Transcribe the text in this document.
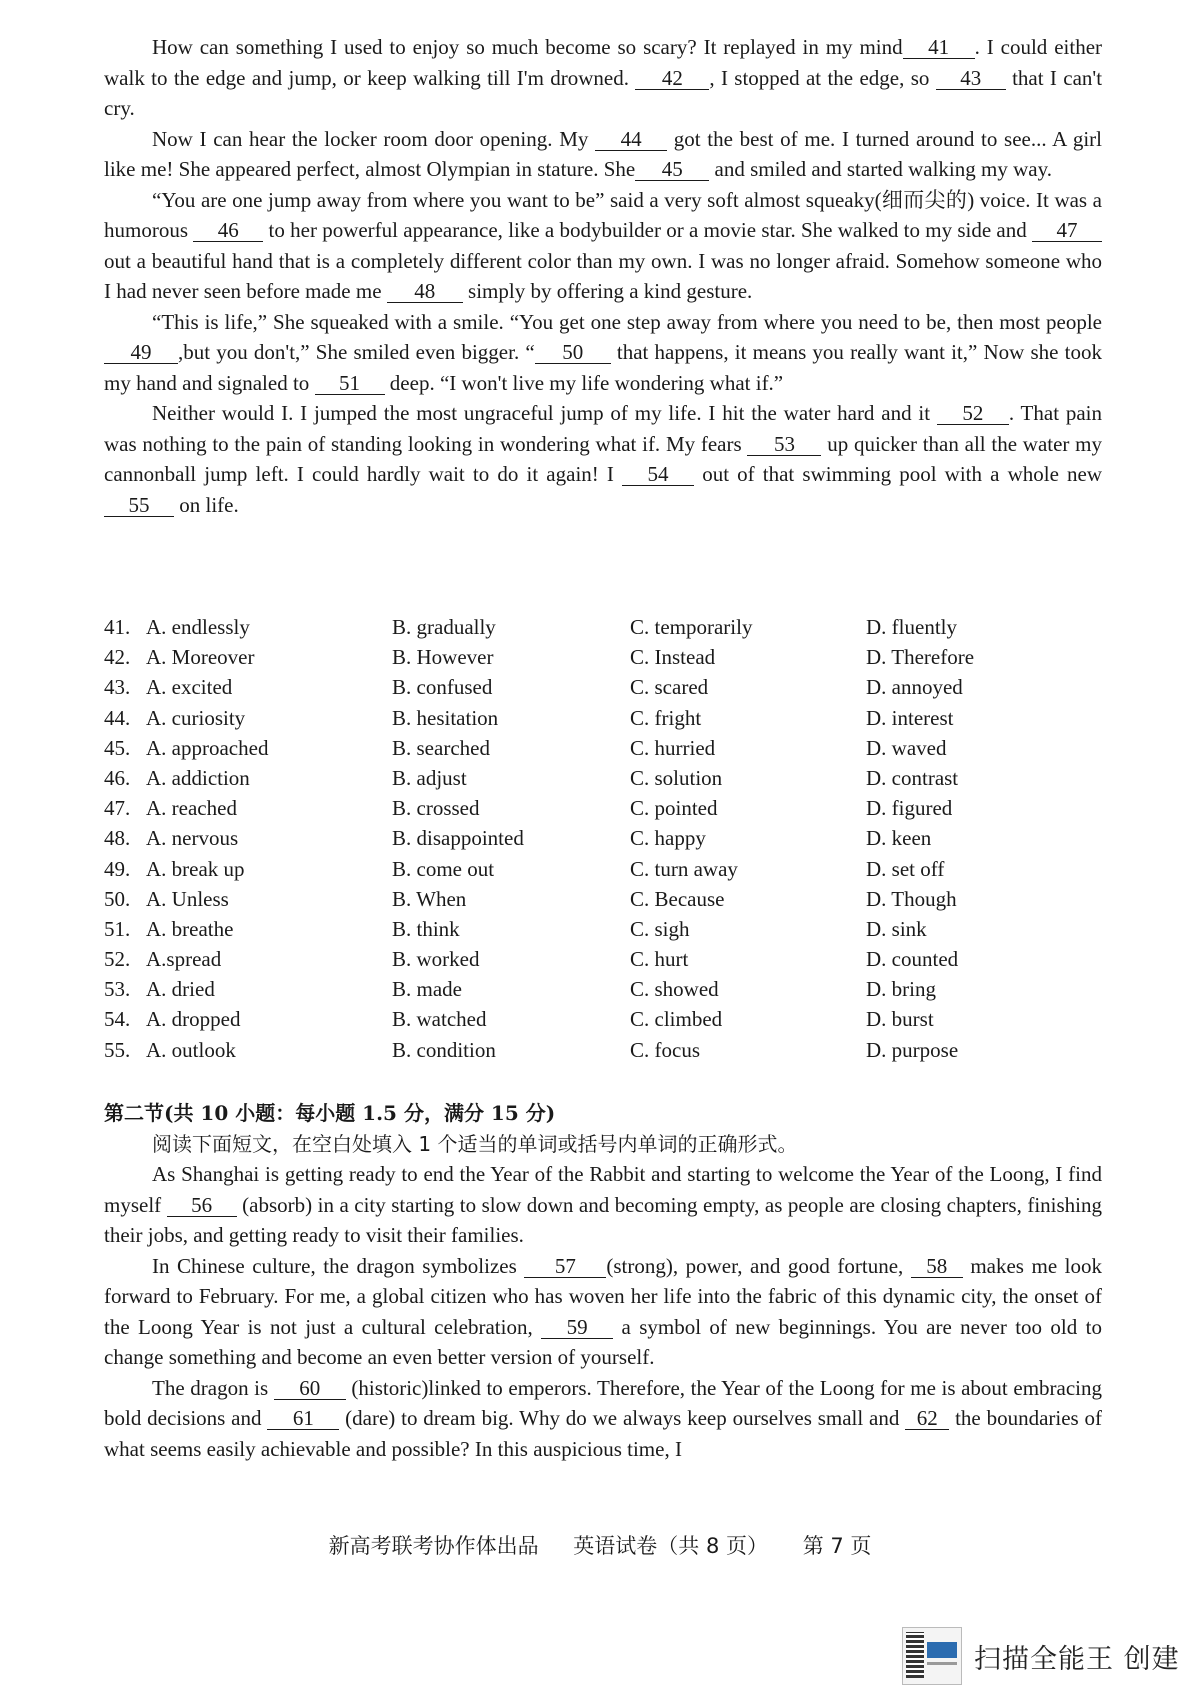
How can something I used to enjoy so much become so scary? It replayed in my mind 41 . I could either walk to the edge and jump, or keep walking till I'm drowned. 42 , I stopped at the edge, so 43 that I can't cry.

Now I can hear the locker room door opening. My 44 got the best of me. I turned around to see... A girl like me! She appeared perfect, almost Olympian in stature. She 45 and smiled and started walking my way.

“You are one jump away from where you want to be” said a very soft almost squeaky(细而尖的) voice. It was a humorous 46 to her powerful appearance, like a bodybuilder or a movie star. She walked to my side and 47 out a beautiful hand that is a completely different color than my own. I was no longer afraid. Somehow someone who I had never seen before made me 48 simply by offering a kind gesture.

“This is life,” She squeaked with a smile. “You get one step away from where you need to be, then most people 49 ,but you don't,” She smiled even bigger. “ 50 that happens, it means you really want it,” Now she took my hand and signaled to 51 deep. “I won't live my life wondering what if.”

Neither would I. I jumped the most ungraceful jump of my life. I hit the water hard and it 52 . That pain was nothing to the pain of standing looking in wondering what if. My fears 53 up quicker than all the water my cannonball jump left. I could hardly wait to do it again! I 54 out of that swimming pool with a whole new 55 on life.

41. A. endlessly	B. gradually	C. temporarily	D. fluently
42. A. Moreover	B. However	C. Instead	D. Therefore
43. A. excited	B. confused	C. scared	D. annoyed
44. A. curiosity	B. hesitation	C. fright	D. interest
45. A. approached	B. searched	C. hurried	D. waved
46. A. addiction	B. adjust	C. solution	D. contrast
47. A. reached	B. crossed	C. pointed	D. figured
48. A. nervous	B. disappointed	C. happy	D. keen
49. A. break up	B. come out	C. turn away	D. set off
50. A. Unless	B. When	C. Because	D. Though
51. A. breathe	B. think	C. sigh	D. sink
52. A.spread	B. worked	C. hurt	D. counted
53. A. dried	B. made	C. showed	D. bring
54. A. dropped	B. watched	C. climbed	D. burst
55. A. outlook	B. condition	C. focus	D. purpose

第二节(共 10 小题：每小题 1.5 分，满分 15 分)

阅读下面短文，在空白处填入 1 个适当的单词或括号内单词的正确形式。

As Shanghai is getting ready to end the Year of the Rabbit and starting to welcome the Year of the Loong, I find myself 56 (absorb) in a city starting to slow down and becoming empty, as people are closing chapters, finishing their jobs, and getting ready to visit their families.

In Chinese culture, the dragon symbolizes 57 (strong), power, and good fortune, 58 makes me look forward to February. For me, a global citizen who has woven her life into the fabric of this dynamic city, the onset of the Loong Year is not just a cultural celebration, 59 a symbol of new beginnings. You are never too old to change something and become an even better version of yourself.

The dragon is 60 (historic)linked to emperors. Therefore, the Year of the Loong for me is about embracing bold decisions and 61 (dare) to dream big. Why do we always keep ourselves small and 62 the boundaries of what seems easily achievable and possible? In this auspicious time, I

新高考联考协作体出品 英语试卷（共 8 页） 第 7 页
扫描全能王 创建
